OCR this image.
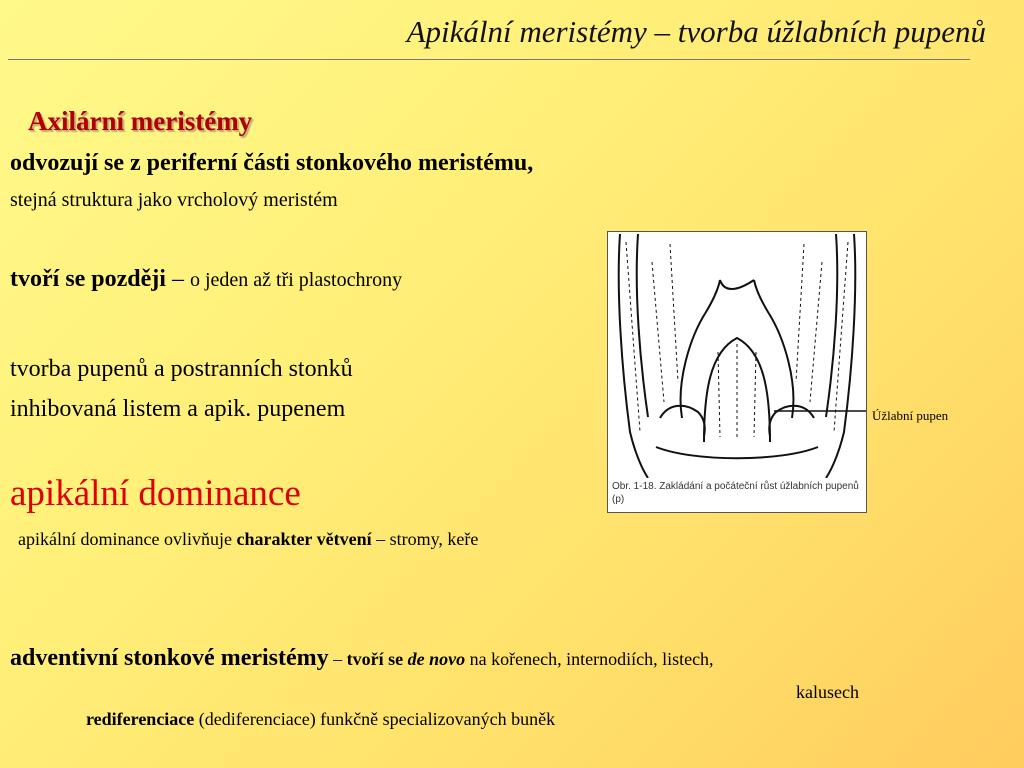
Apikální meristémy – tvorba úžlabních pupenů
Axilární meristémy
odvozují se z periferní části stonkového meristému,
stejná struktura jako vrcholový meristém
tvoří se později – o jeden až tři plastochrony
tvorba pupenů a postranních stonků
inhibovaná listem a apik. pupenem
apikální dominance
apikální dominance ovlivňuje charakter větvení – stromy, keře
adventivní stonkové meristémy – tvoří se de novo na kořenech, internodiích, listech,
kalusech
rediferenciace (dediferenciace) funkčně specializovaných buněk
Obr. 1-18. Zakládání a počáteční růst úžlabních pupenů (p)
Úžlabní pupen
